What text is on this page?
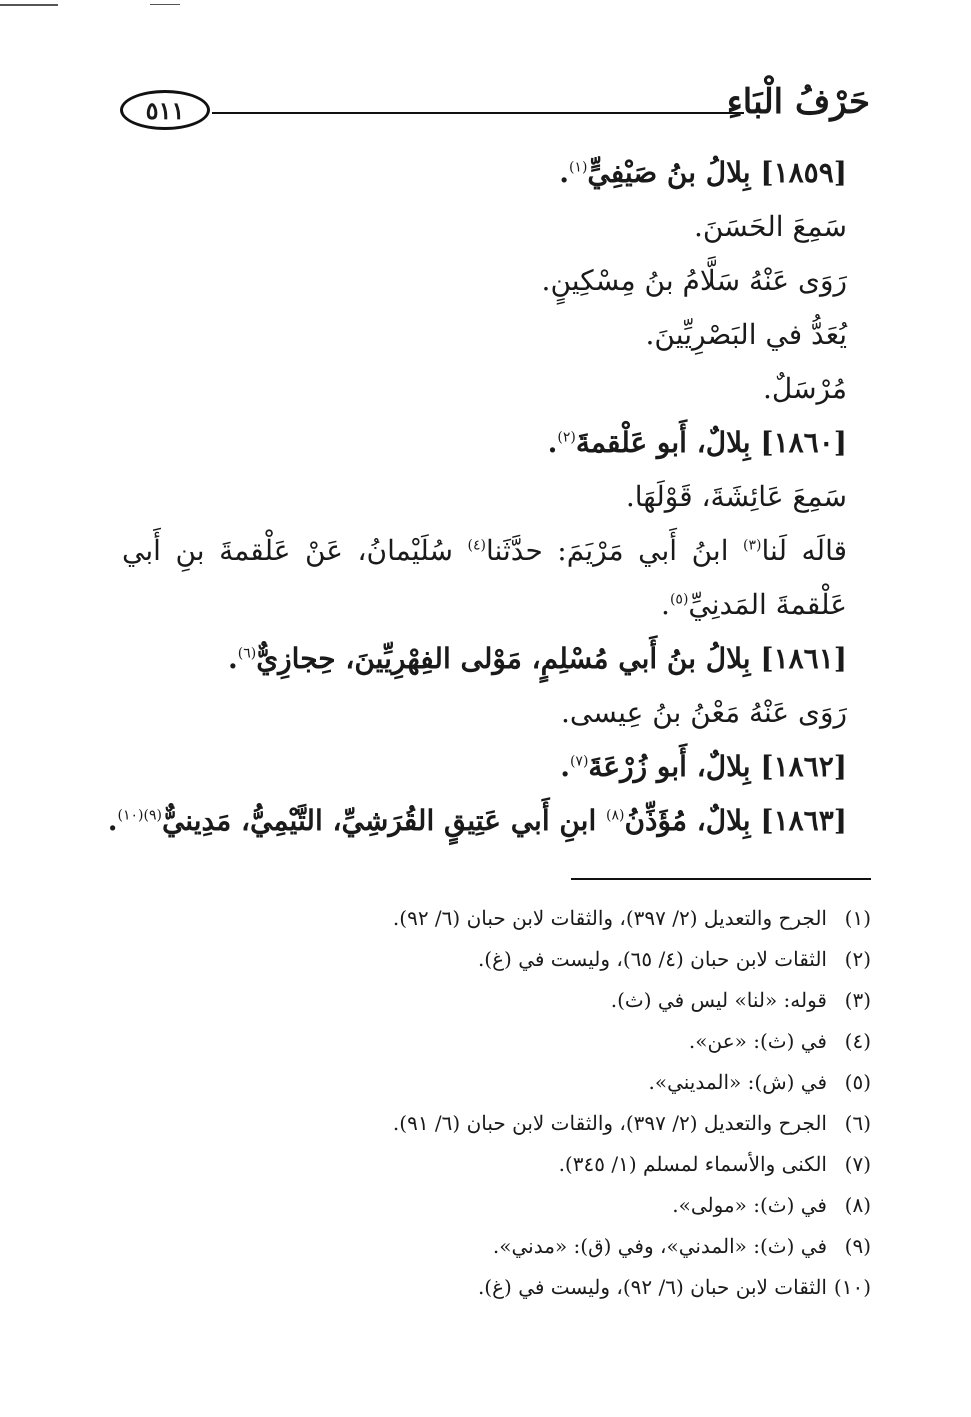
٥١١	حَرْفُ الْبَاءِ
[١٨٥٩] بِلالُ بنُ صَيْفِيٍّ$^{(١)}$.
سَمِعَ الحَسَنَ.
رَوَى عَنْهُ سَلَّامُ بنُ مِسْكِينٍ.
يُعَدُّ في البَصْرِيِّينَ.
مُرْسَلٌ.
[١٨٦٠] بِلالٌ، أَبو عَلْقمةَ$^{(٢)}$.
سَمِعَ عَائِشَةَ، قَوْلَهَا.
قالَه لَنا$^{(٣)}$ ابنُ أَبي مَرْيَمَ: حدَّثَنا$^{(٤)}$ سُلَيْمانُ، عَنْ عَلْقمةَ بنِ أَبي عَلْقمةَ المَدنِيِّ$^{(٥)}$.
[١٨٦١] بِلالُ بنُ أَبي مُسْلِمٍ، مَوْلى الفِهْرِيِّينَ، حِجازِيٌّ$^{(٦)}$.
رَوَى عَنْهُ مَعْنُ بنُ عِيسى.
[١٨٦٢] بِلالٌ، أَبو زُرْعَةَ$^{(٧)}$.
[١٨٦٣] بِلالٌ، مُؤَذِّنُ$^{(٨)}$ ابنِ أَبي عَتِيقٍ القُرَشِيِّ، التَّيْمِيُّ، مَدِينيٌّ$^{(٩)(١٠)}$.
(١)الجرح والتعديل (٢/ ٣٩٧)، والثقات لابن حبان (٦/ ٩٢).
(٢)الثقات لابن حبان (٤/ ٦٥)، وليست في (غ).
(٣)قوله: «لنا» ليس في (ث).
(٤)في (ث): «عن».
(٥)في (ش): «المديني».
(٦)الجرح والتعديل (٢/ ٣٩٧)، والثقات لابن حبان (٦/ ٩١).
(٧)الكنى والأسماء لمسلم (١/ ٣٤٥).
(٨)في (ث): «مولى».
(٩)في (ث): «المدني»، وفي (ق): «مدني».
(١٠)الثقات لابن حبان (٦/ ٩٢)، وليست في (غ).
